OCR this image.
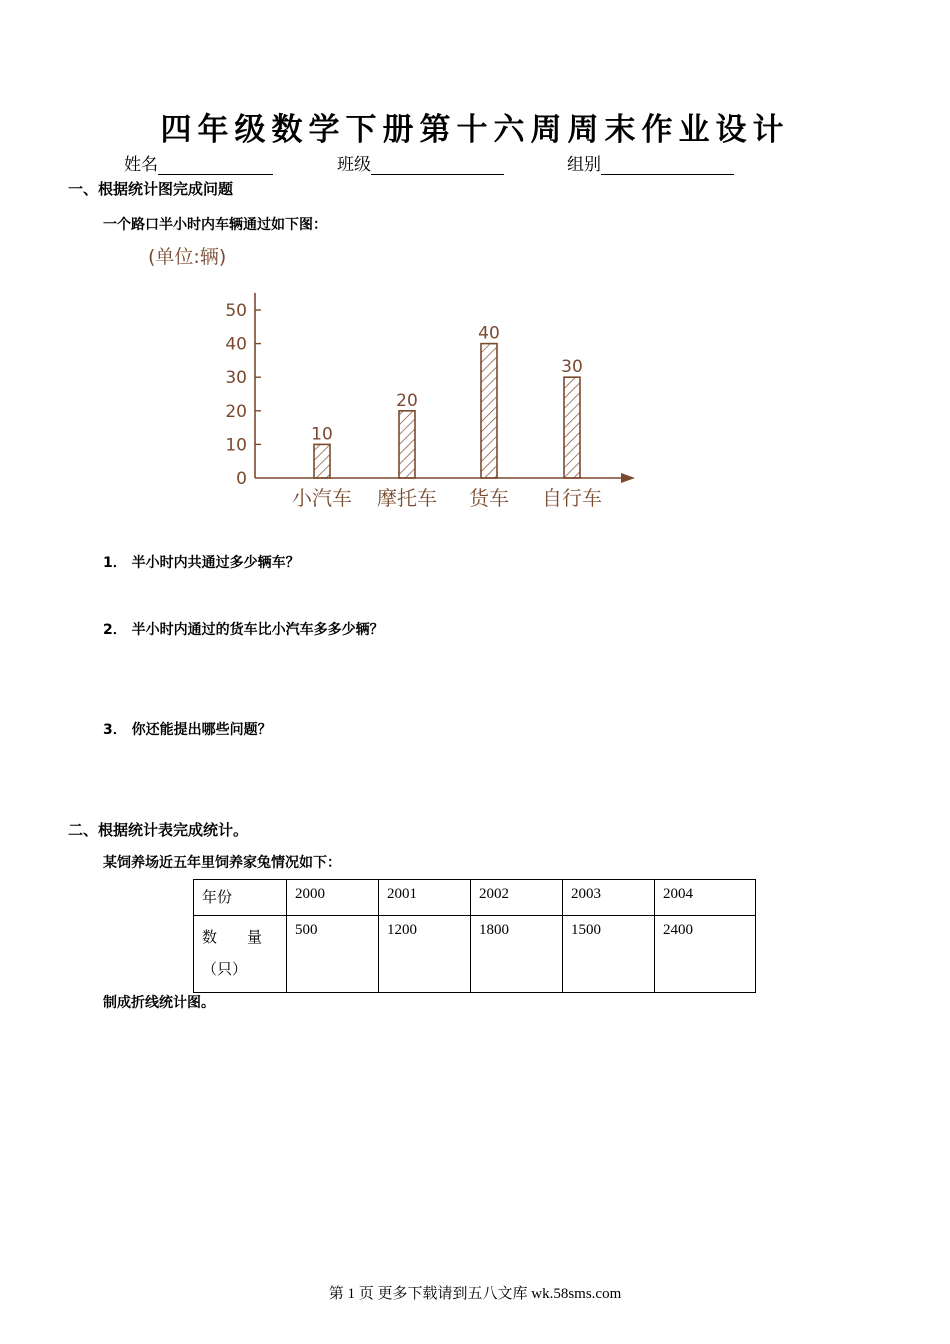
四年级数学下册第十六周周末作业设计
姓名	班级	组别
一、根据统计图完成问题
一个路口半小时内车辆通过如下图：
(单位:辆)
0
10
20
30
40
50
10
20
40
30
小汽车 摩托车 货车 自行车
1． 半小时内共通过多少辆车？
2． 半小时内通过的货车比小汽车多多少辆？
3． 你还能提出哪些问题？
二、根据统计表完成统计。
某饲养场近五年里饲养家兔情况如下：
年份	2000	2001	2002	2003	2004

数　　量
（只）	500	1200	1800	1500	2400
制成折线统计图。
第 1 页 更多下载请到五八文库 wk.58sms.com
